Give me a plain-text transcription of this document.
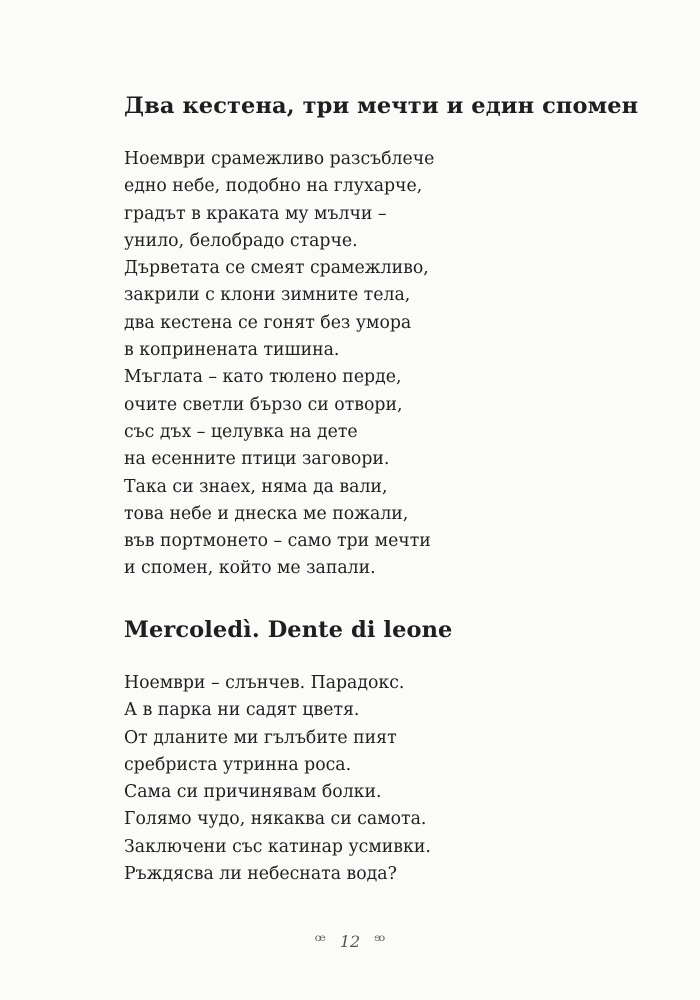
Два кестена, три мечти и един спомен
Ноември срамежливо разсъблече
едно небе, подобно на глухарче,
градът в краката му мълчи –
унило, белобрадо старче.
Дърветата се смеят срамежливо,
закрили с клони зимните тела,
два кестена се гонят без умора
в копринената тишина.
Мъглата – като тюлено перде,
очите светли бързо си отвори,
със дъх – целувка на дете
на есенните птици заговори.
Така си знаех, няма да вали,
това небе и днеска ме пожали,
във портмонето – само три мечти
и спомен, който ме запали.
Mercoledì. Dente di leone
Ноември – слънчев. Парадокс.
А в парка ни садят цветя.
От дланите ми гълъбите пият
сребриста утринна роса.
Сама си причинявам болки.
Голямо чудо, някаква си самота.
Заключени със катинар усмивки.
Ръждясва ли небесната вода?
ꟹ 12 ꟹ
